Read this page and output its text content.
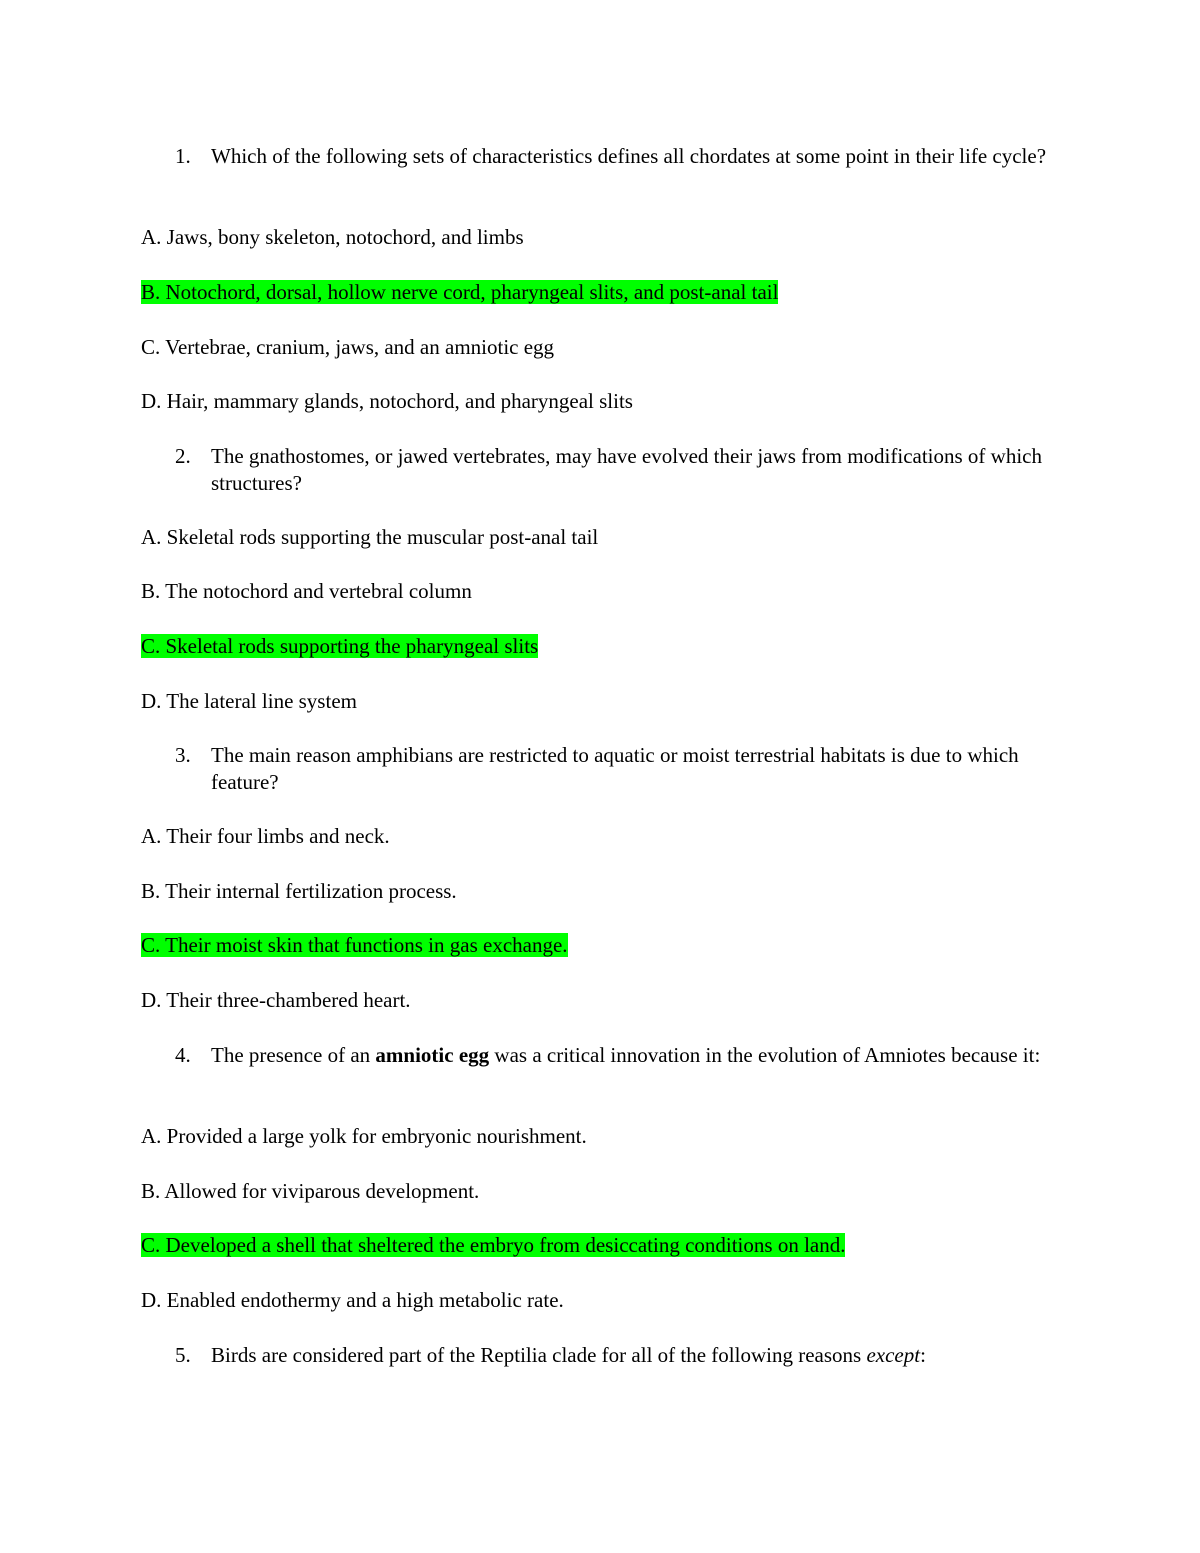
1. Which of the following sets of characteristics defines all chordates at some point in their life cycle?
A. Jaws, bony skeleton, notochord, and limbs
B. Notochord, dorsal, hollow nerve cord, pharyngeal slits, and post-anal tail
C. Vertebrae, cranium, jaws, and an amniotic egg
D. Hair, mammary glands, notochord, and pharyngeal slits
2. The gnathostomes, or jawed vertebrates, may have evolved their jaws from modifications of which structures?
A. Skeletal rods supporting the muscular post-anal tail
B. The notochord and vertebral column
C. Skeletal rods supporting the pharyngeal slits
D. The lateral line system
3. The main reason amphibians are restricted to aquatic or moist terrestrial habitats is due to which feature?
A. Their four limbs and neck.
B. Their internal fertilization process.
C. Their moist skin that functions in gas exchange.
D. Their three-chambered heart.
4. The presence of an amniotic egg was a critical innovation in the evolution of Amniotes because it:
A. Provided a large yolk for embryonic nourishment.
B. Allowed for viviparous development.
C. Developed a shell that sheltered the embryo from desiccating conditions on land.
D. Enabled endothermy and a high metabolic rate.
5. Birds are considered part of the Reptilia clade for all of the following reasons except:
